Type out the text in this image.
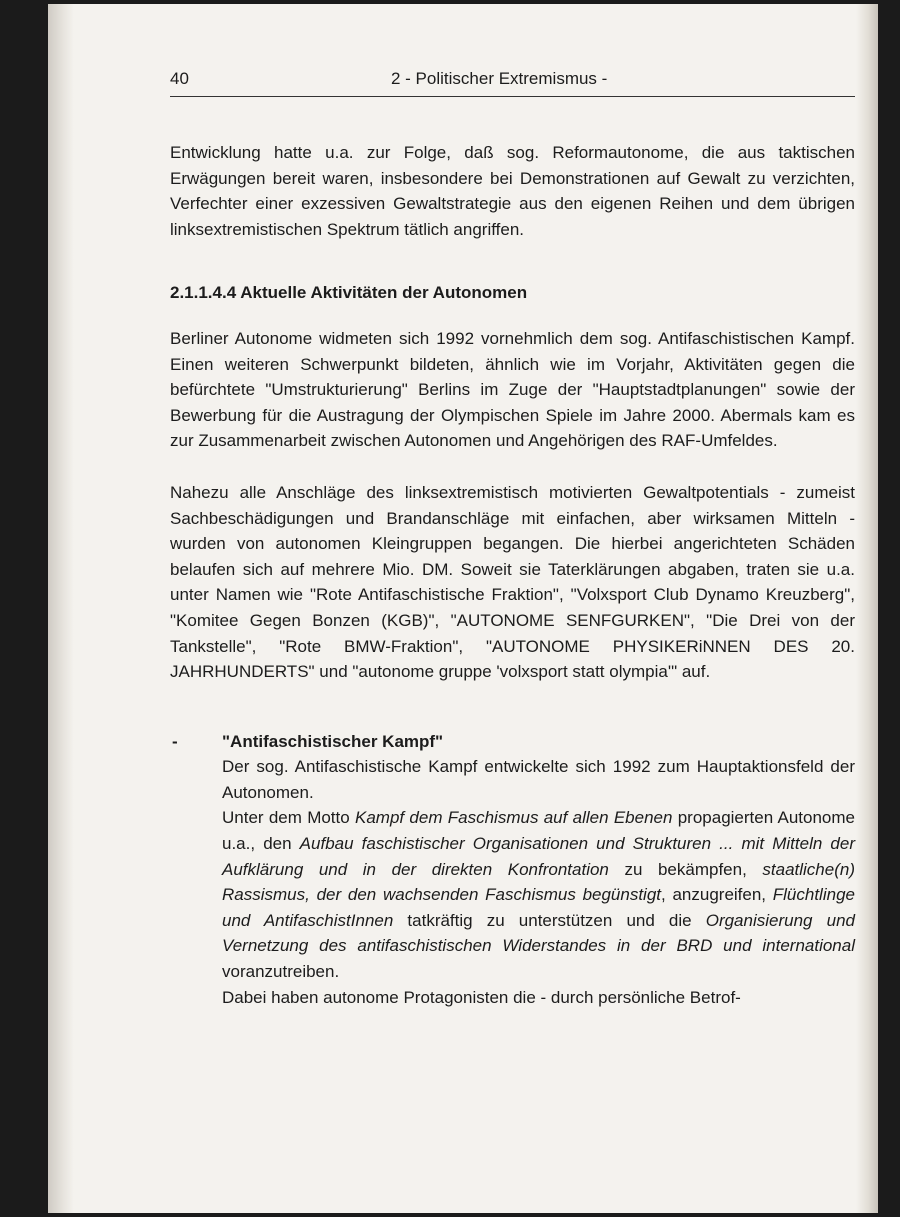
40	2 - Politischer Extremismus -

Entwicklung hatte u.a. zur Folge, daß sog. Reformautonome, die aus taktischen Erwägungen bereit waren, insbesondere bei Demonstrationen auf Gewalt zu verzichten, Verfechter einer exzessiven Gewaltstrategie aus den eigenen Reihen und dem übrigen linksextremistischen Spektrum tätlich angriffen.

2.1.1.4.4 Aktuelle Aktivitäten der Autonomen

Berliner Autonome widmeten sich 1992 vornehmlich dem sog. Antifaschistischen Kampf. Einen weiteren Schwerpunkt bildeten, ähnlich wie im Vorjahr, Aktivitäten gegen die befürchtete "Umstrukturierung" Berlins im Zuge der "Hauptstadtplanungen" sowie der Bewerbung für die Austragung der Olympischen Spiele im Jahre 2000. Abermals kam es zur Zusammenarbeit zwischen Autonomen und Angehörigen des RAF-Umfeldes.

Nahezu alle Anschläge des linksextremistisch motivierten Gewaltpotentials - zumeist Sachbeschädigungen und Brandanschläge mit einfachen, aber wirksamen Mitteln - wurden von autonomen Kleingruppen begangen. Die hierbei angerichteten Schäden belaufen sich auf mehrere Mio. DM. Soweit sie Taterklärungen abgaben, traten sie u.a. unter Namen wie "Rote Antifaschistische Fraktion", "Volxsport Club Dynamo Kreuzberg", "Komitee Gegen Bonzen (KGB)", "AUTONOME SENFGURKEN", "Die Drei von der Tankstelle", "Rote BMW-Fraktion", "AUTONOME PHYSIKERiNNEN DES 20. JAHRHUNDERTS" und "autonome gruppe 'volxsport statt olympia'" auf.

-	"Antifaschistischer Kampf"

Der sog. Antifaschistische Kampf entwickelte sich 1992 zum Hauptaktionsfeld der Autonomen.

Unter dem Motto Kampf dem Faschismus auf allen Ebenen propagierten Autonome u.a., den Aufbau faschistischer Organisationen und Strukturen ... mit Mitteln der Aufklärung und in der direkten Konfrontation zu bekämpfen, staatliche(n) Rassismus, der den wachsenden Faschismus begünstigt, anzugreifen, Flüchtlinge und AntifaschistInnen tatkräftig zu unterstützen und die Organisierung und Vernetzung des antifaschistischen Widerstandes in der BRD und international voranzutreiben.

Dabei haben autonome Protagonisten die - durch persönliche Betrof-
